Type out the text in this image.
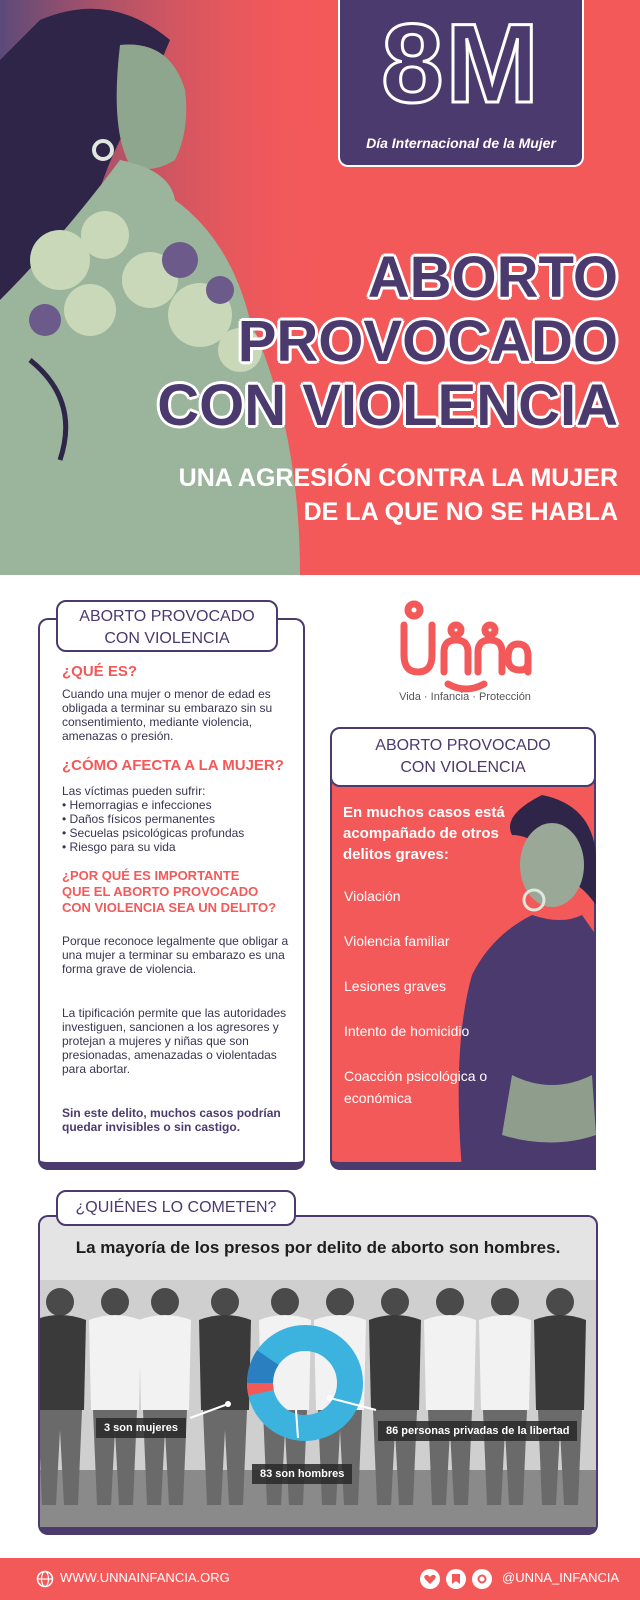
8M
Día Internacional de la Mujer
ABORTO
PROVOCADO
CON VIOLENCIA
UNA AGRESIÓN CONTRA LA MUJER
DE LA QUE NO SE HABLA
ABORTO PROVOCADO
CON VIOLENCIA
¿QUÉ ES?
Cuando una mujer o menor de edad es obligada a terminar su embarazo sin su consentimiento, mediante violencia, amenazas o presión.
¿CÓMO AFECTA A LA MUJER?
Las víctimas pueden sufrir:
• Hemorragias e infecciones
• Daños físicos permanentes
• Secuelas psicológicas profundas
• Riesgo para su vida
¿POR QUÉ ES IMPORTANTE
QUE EL ABORTO PROVOCADO
CON VIOLENCIA SEA UN DELITO?
Porque reconoce legalmente que obligar a una mujer a terminar su embarazo es una forma grave de violencia.
La tipificación permite que las autoridades investiguen, sancionen a los agresores y protejan a mujeres y niñas que son presionadas, amenazadas o violentadas para abortar.
Sin este delito, muchos casos podrían quedar invisibles o sin castigo.
Vida · Infancia · Protección
ABORTO PROVOCADO
CON VIOLENCIA
En muchos casos está acompañado de otros delitos graves:
Violación
Violencia familiar
Lesiones graves
Intento de homicidio
Coacción psicológica o económica
¿QUIÉNES LO COMETEN?
La mayoría de los presos por delito de aborto son hombres.
3 son mujeres	86 personas privadas de la libertad
83 son hombres
WWW.UNNAINFANCIA.ORG	@UNNA_INFANCIA
